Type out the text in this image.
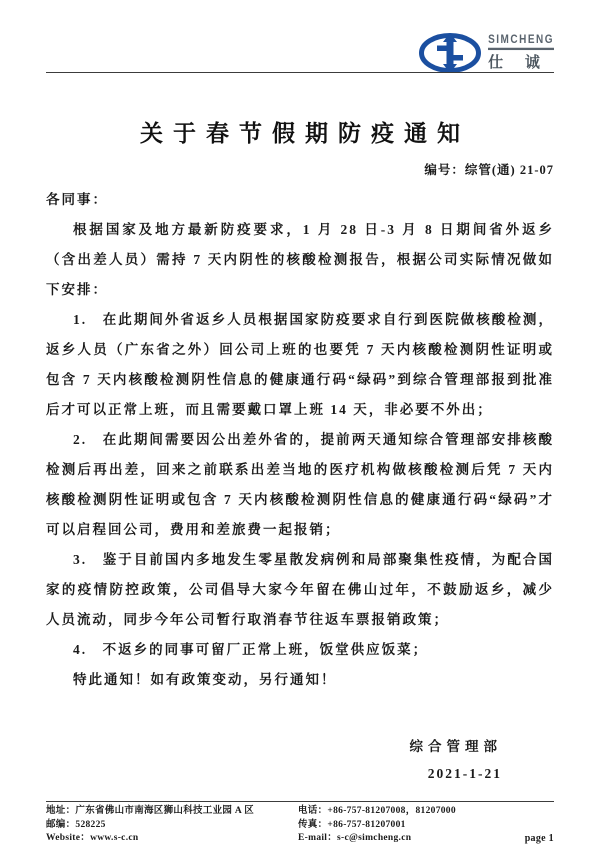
SIMCHENG
仕 诚
关于春节假期防疫通知
编号：综管(通) 21-07

各同事：

根据国家及地方最新防疫要求，1 月 28 日-3 月 8 日期间省外返乡（含出差人员）需持 7 天内阴性的核酸检测报告，根据公司实际情况做如下安排：

1.　在此期间外省返乡人员根据国家防疫要求自行到医院做核酸检测，返乡人员（广东省之外）回公司上班的也要凭 7 天内核酸检测阴性证明或包含 7 天内核酸检测阴性信息的健康通行码“绿码”到综合管理部报到批准后才可以正常上班，而且需要戴口罩上班 14 天，非必要不外出；

2.　在此期间需要因公出差外省的，提前两天通知综合管理部安排核酸检测后再出差，回来之前联系出差当地的医疗机构做核酸检测后凭 7 天内核酸检测阴性证明或包含 7 天内核酸检测阴性信息的健康通行码“绿码”才可以启程回公司，费用和差旅费一起报销；

3.　鉴于目前国内多地发生零星散发病例和局部聚集性疫情，为配合国家的疫情防控政策，公司倡导大家今年留在佛山过年，不鼓励返乡，减少人员流动，同步今年公司暂行取消春节往返车票报销政策；

4.　不返乡的同事可留厂正常上班，饭堂供应饭菜；

特此通知！如有政策变动，另行通知！

综合管理部
2021-1-21
地址：广东省佛山市南海区狮山科技工业园 A 区
邮编：528225
Website：www.s-c.cn
电话：+86-757-81207008，81207000
传真：+86-757-81207001
E-mail：s-c@simcheng.cn	page 1
